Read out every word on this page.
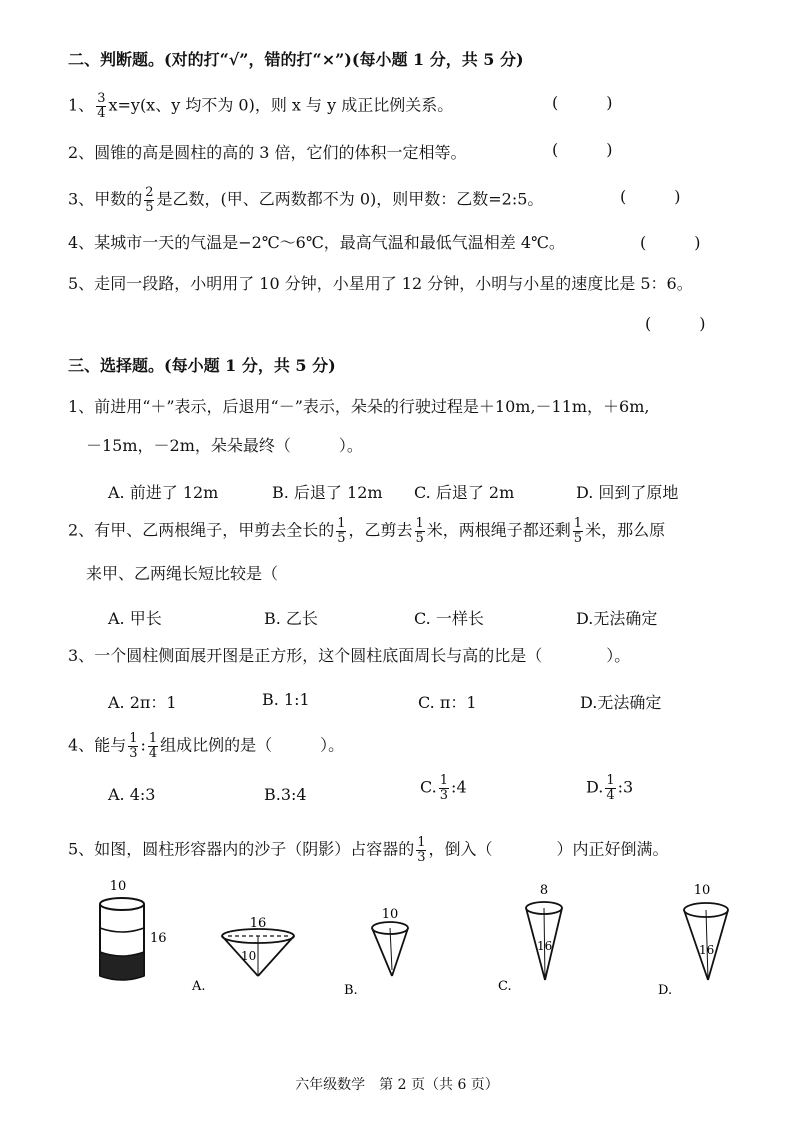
二、判断题。(对的打“√”，错的打“×”)(每小题 1 分，共 5 分)
1、 $\frac{3}{4} x=y(x$、y 均不为 0)，则 x 与 y 成正比例关系。	(　　　)
2、圆锥的高是圆柱的高的 3 倍，它们的体积一定相等。	(　　　)
3、甲数的 $\frac{2}{5}$ 是乙数，(甲、乙两数都不为 0)，则甲数：乙数=2:5。	(　　　)
4、某城市一天的气温是−2℃～6℃，最高气温和最低气温相差 4℃。	(　　　)
5、走同一段路，小明用了 10 分钟，小星用了 12 分钟，小明与小星的速度比是 5：6。
(　　　)
三、选择题。(每小题 1 分，共 5 分)
1、前进用“＋”表示，后退用“－”表示，朵朵的行驶过程是＋10m,－11m，＋6m,
－15m，－2m，朵朵最终（　　　）。
A. 前进了 12m	B. 后退了 12m C. 后退了 2m	D. 回到了原地
2、有甲、乙两根绳子，甲剪去全长的 $\frac{1}{5}$ ，乙剪去 $\frac{1}{5}$ 米，两根绳子都还剩 $\frac{1}{5}$ 米，那么原
来甲、乙两绳长短比较是（
A. 甲长	B. 乙长	C. 一样长	D.无法确定
3、一个圆柱侧面展开图是正方形，这个圆柱底面周长与高的比是（　　　　）。
A. 2π：1	B. 1:1	C. π：1	D.无法确定
4、能与 $\frac{1}{3}$ : $\frac{1}{4}$ 组成比例的是（　　　）。
A. 4:3	B.3:4	C. $\frac{1}{3}$ :4	D. $\frac{1}{4}$ :3
5、如图，圆柱形容器内的沙子（阴影）占容器的 $\frac{1}{3}$ ，倒入（　　　　）内正好倒满。
10
16
16
10
A.
10
B.
8
16
C.
10
16
D.
六年级数学　第 2 页（共 6 页）
